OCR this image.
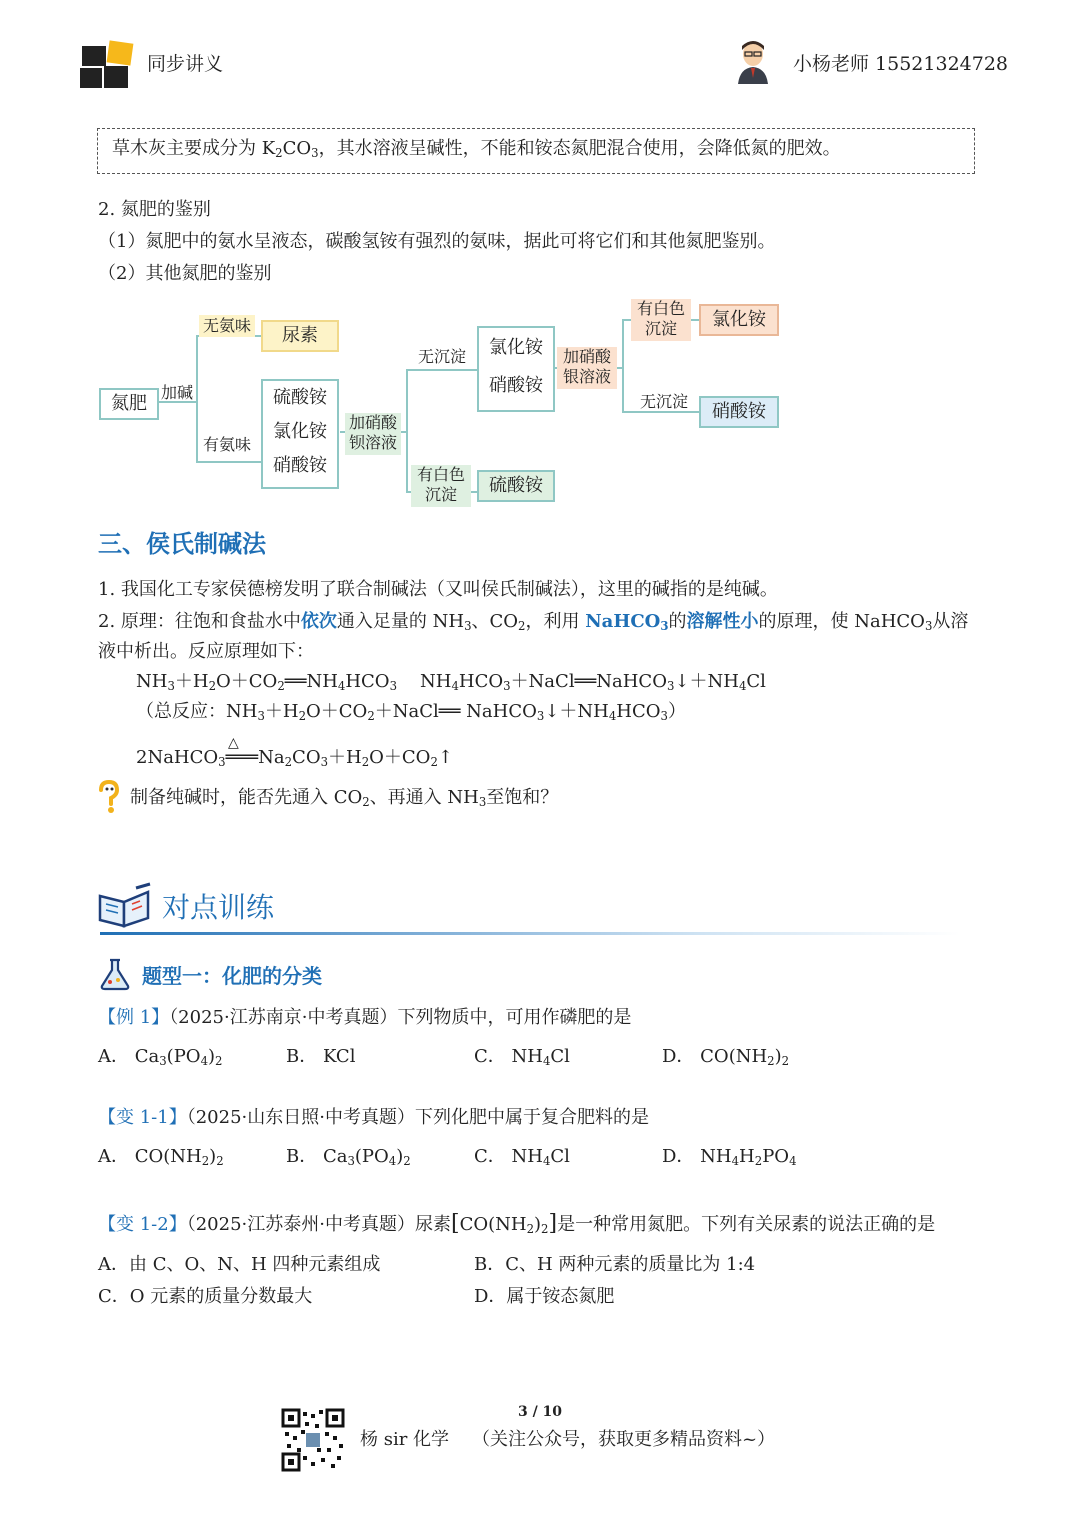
同步讲义	小杨老师 15521324728
草木灰主要成分为 $K_2CO_3$，其水溶液呈碱性，不能和铵态氮肥混合使用，会降低氮的肥效。
2. 氮肥的鉴别
（1）氮肥中的氨水呈液态，碳酸氢铵有强烈的氨味，据此可将它们和其他氮肥鉴别。
（2）其他氮肥的鉴别
氮肥
加碱
无氨味	尿素
有氨味
硫酸铵
氯化铵
硝酸铵
加硝酸
钡溶液
无沉淀	氯化铵
硝酸铵
有白色
沉淀	硫酸铵
加硝酸
银溶液
有白色
沉淀	氯化铵
无沉淀	硝酸铵
三、侯氏制碱法
1. 我国化工专家侯德榜发明了联合制碱法（又叫侯氏制碱法），这里的碱指的是纯碱。
2. 原理：往饱和食盐水中依次通入足量的 $NH_3$、$CO_2$，利用 NaHCO$_3$的溶解性小的原理，使 NaHCO$_3$从溶
液中析出。反应原理如下：
$NH_3+H_2O+CO_2══NH_4HCO_3$ $NH_4HCO_3+NaCl══NaHCO_3↓+NH_4Cl$
（总反应：$NH_3+H_2O+CO_2+NaCl══$ $NaHCO_3↓+NH_4HCO_3$）
△
$2NaHCO_3═══Na_2CO_3+H_2O+CO_2↑$
制备纯碱时，能否先通入 $CO_2$、再通入 $NH_3$至饱和？
对点训练
题型一：化肥的分类
【例 1】（2025·江苏南京·中考真题）下列物质中，可用作磷肥的是
A． $Ca_3(PO_4)_2$	B． KCl	C． $NH_4Cl$	D． $CO(NH_2)_2$
【变 1-1】（2025·山东日照·中考真题）下列化肥中属于复合肥料的是
A． $CO(NH_2)_2$	B． $Ca_3(PO_4)_2$	C． $NH_4Cl$	D． $NH_4H_2PO_4$
【变 1-2】（2025·江苏泰州·中考真题）尿素$[CO(NH_2)_2]$是一种常用氮肥。下列有关尿素的说法正确的是
A．由 C、O、N、H 四种元素组成	B．C、H 两种元素的质量比为 1:4
C．O 元素的质量分数最大	D．属于铵态氮肥
3 / 10
杨 sir 化学 （关注公众号，获取更多精品资料~）
